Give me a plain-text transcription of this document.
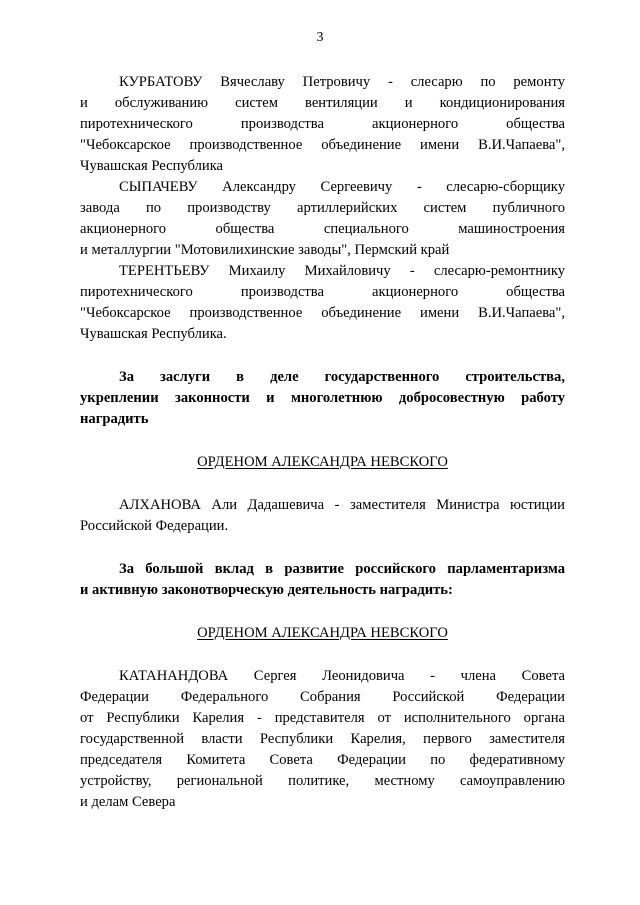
3
КУРБАТОВУ Вячеславу Петровичу - слесарю по ремонту
и обслуживанию систем вентиляции и кондиционирования
пиротехнического производства акционерного общества
"Чебоксарское производственное объединение имени В.И.Чапаева",
Чувашская Республика
СЫПАЧЕВУ Александру Сергеевичу - слесарю-сборщику
завода по производству артиллерийских систем публичного
акционерного общества специального машиностроения
и металлургии "Мотовилихинские заводы", Пермский край
ТЕРЕНТЬЕВУ Михаилу Михайловичу - слесарю-ремонтнику
пиротехнического производства акционерного общества
"Чебоксарское производственное объединение имени В.И.Чапаева",
Чувашская Республика.
За заслуги в деле государственного строительства,
укреплении законности и многолетнюю добросовестную работу
наградить
ОРДЕНОМ АЛЕКСАНДРА НЕВСКОГО
АЛХАНОВА Али Дадашевича - заместителя Министра юстиции
Российской Федерации.
За большой вклад в развитие российского парламентаризма
и активную законотворческую деятельность наградить:
ОРДЕНОМ АЛЕКСАНДРА НЕВСКОГО
КАТАНАНДОВА Сергея Леонидовича - члена Совета
Федерации Федерального Собрания Российской Федерации
от Республики Карелия - представителя от исполнительного органа
государственной власти Республики Карелия, первого заместителя
председателя Комитета Совета Федерации по федеративному
устройству, региональной политике, местному самоуправлению
и делам Севера
